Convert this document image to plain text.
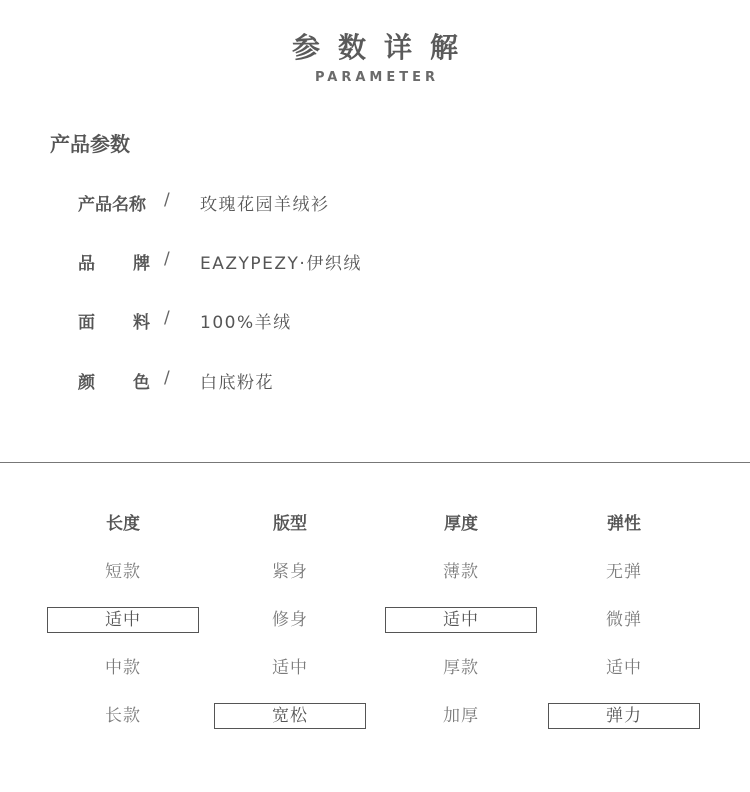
参数详解
PARAMETER
产品参数
产品名称 / 玫瑰花园羊绒衫
品 牌 / EAZYPEZY·伊织绒
面 料 / 100%羊绒
颜 色 / 白底粉花
长度
短款
适中
中款
长款
版型
紧身
修身
适中
宽松
厚度
薄款
适中
厚款
加厚
弹性
无弹
微弹
适中
弹力
